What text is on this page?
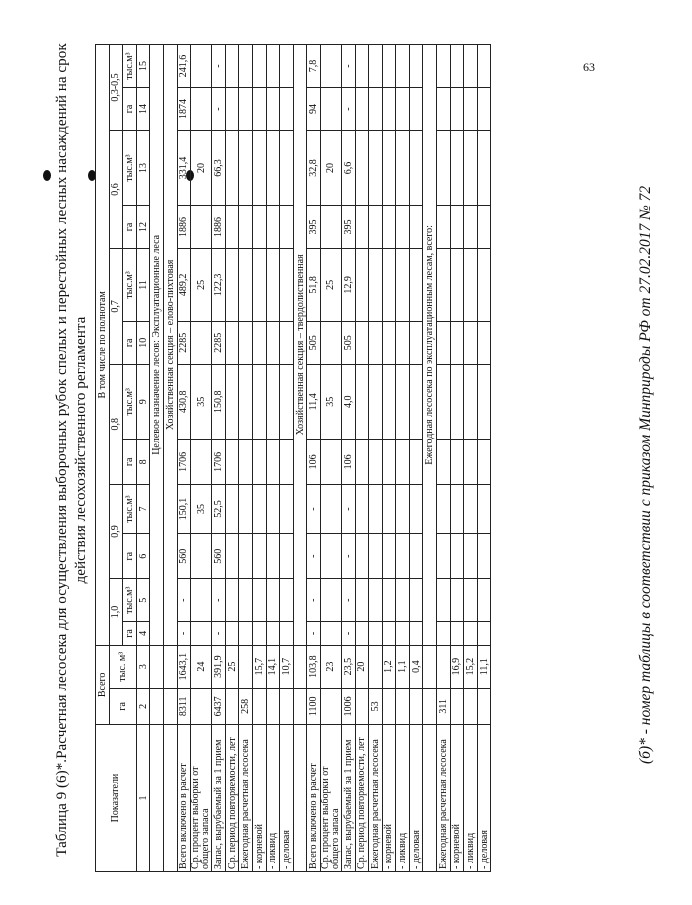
63
Таблица 9 (6)*.Расчетная лесосека для осуществления выборочных рубок спелых и перестойных лесных насаждений на срок действия лесохозяйственного регламента
Показатели	Всего		В том числе по полнотам											
	га	тыс. м³	1,0		0,9		0,8		0,7		0,6		0,3-0,5	
			га	тыс.м³	га	тыс.м³	га	тыс.м³	га	тыс.м³	га	тыс.м³	га	тыс.м³
1	2	3	4	5	6	7	8	9	10	11	12	13	14	15
			Целевое назначение лесов: Эксплуатационные леса											
			Хозяйственная секция – елово-пихтовая											
Всего включено в расчет	8311	1643,1	-	-	560	150,1	1706	430,8	2285	489,2	1886	331,4	1874	241,6

Ср. процент выборки от общего запаса		24				35		35		25		20		
Запас, вырубаемый за 1 прием	6437	391,9	-	-	560	52,5	1706	150,8	2285	122,3	1886	66,3	-	-
Ср. период повторяемости, лет		25												
Ежегодная расчетная лесосека	258													
- корневой		15,7												
- ликвид		14,1												
- деловая		10,7												
			Хозяйственная секция – твердолиственная											
Всего включено в расчет	1100	103,8	-	-	-	-	106	11,4	505	51,8	395	32,8	94	7,8

Ср. процент выборки от общего запаса		23						35		25		20		
Запас, вырубаемый за 1 прием	1006	23,5	-	-	-	-	106	4,0	505	12,9	395	6,6	-	-
Ср. период повторяемости, лет		20												
Ежегодная расчетная лесосека	53													
- корневой		1,2												
- ликвид		1,1												
- деловая		0,4												
			Ежегодная лесосека по эксплуатационным лесам, всего:											
Ежегодная расчетная лесосека	311													
- корневой		16,9												
- ликвид		15,2												
- деловая		11,1													(б)* - номер таблицы в соответствии с приказом Минприроды РФ от 27.02.2017 № 72
